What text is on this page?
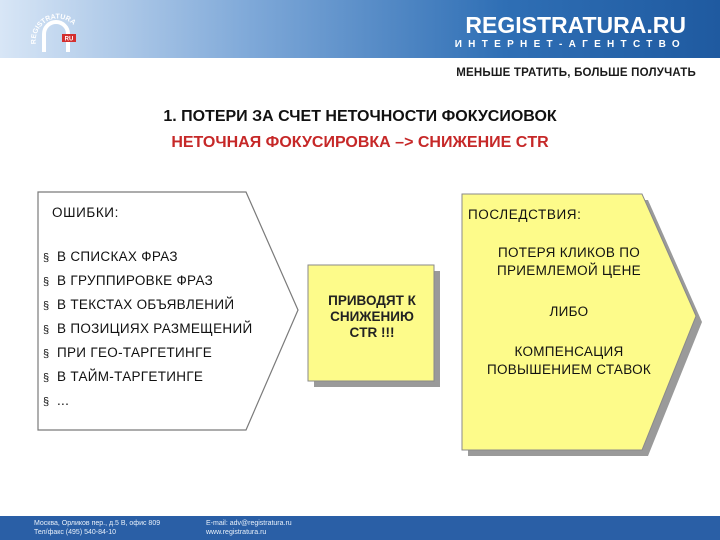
REGISTRATURA
RU
REGISTRATURA.RU
ИНТЕРНЕТ-АГЕНТСТВО
МЕНЬШЕ ТРАТИТЬ, БОЛЬШЕ ПОЛУЧАТЬ
1. ПОТЕРИ ЗА СЧЕТ НЕТОЧНОСТИ ФОКУСИОВОК
НЕТОЧНАЯ ФОКУСИРОВКА –> СНИЖЕНИЕ CTR
ОШИБКИ:
§ В СПИСКАХ ФРАЗ
§ В ГРУППИРОВКЕ ФРАЗ
§ В ТЕКСТАХ ОБЪЯВЛЕНИЙ
§ В ПОЗИЦИЯХ РАЗМЕЩЕНИЙ
§ ПРИ ГЕО-ТАРГЕТИНГЕ
§ В ТАЙМ-ТАРГЕТИНГЕ
§ ...
ПРИВОДЯТ К
СНИЖЕНИЮ
CTR !!!
ПОСЛЕДСТВИЯ:
ПОТЕРЯ КЛИКОВ ПО
ПРИЕМЛЕМОЙ ЦЕНЕ
ЛИБО
КОМПЕНСАЦИЯ
ПОВЫШЕНИЕМ СТАВОК
Москва, Орликов пер., д.5 В, офис 809
Тел/факс (495) 540-84-10
E-mail: adv@registratura.ru
www.registratura.ru
